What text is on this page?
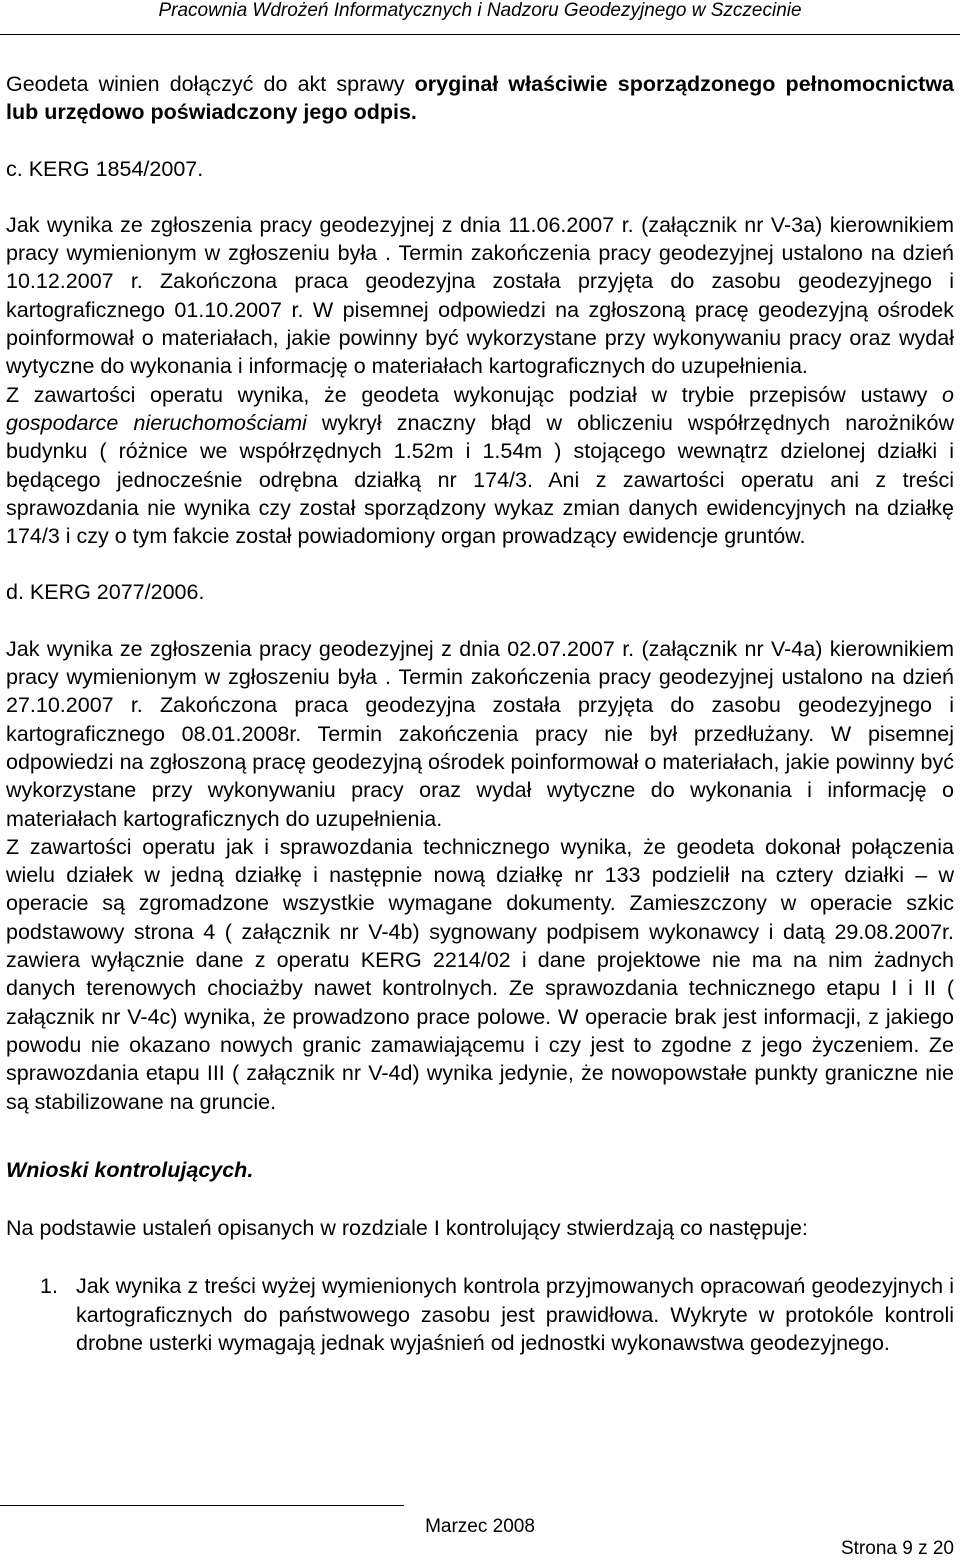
Pracownia Wdrożeń Informatycznych i Nadzoru Geodezyjnego w Szczecinie

Geodeta winien dołączyć do akt sprawy oryginał właściwie sporządzonego pełnomocnictwa lub urzędowo poświadczony jego odpis.

c. KERG 1854/2007.

Jak wynika ze zgłoszenia pracy geodezyjnej z dnia 11.06.2007 r. (załącznik nr V-3a) kierownikiem pracy wymienionym w zgłoszeniu była . Termin zakończenia pracy geodezyjnej ustalono na dzień 10.12.2007 r. Zakończona praca geodezyjna została przyjęta do zasobu geodezyjnego i kartograficznego 01.10.2007 r. W pisemnej odpowiedzi na zgłoszoną pracę geodezyjną ośrodek poinformował o materiałach, jakie powinny być wykorzystane przy wykonywaniu pracy oraz wydał wytyczne do wykonania i informację o materiałach kartograficznych do uzupełnienia.

Z zawartości operatu wynika, że geodeta wykonując podział w trybie przepisów ustawy o gospodarce nieruchomościami wykrył znaczny błąd w obliczeniu współrzędnych narożników budynku ( różnice we współrzędnych 1.52m i 1.54m ) stojącego wewnątrz dzielonej działki i będącego jednocześnie odrębna działką nr 174/3. Ani z zawartości operatu ani z treści sprawozdania nie wynika czy został sporządzony wykaz zmian danych ewidencyjnych na działkę 174/3 i czy o tym fakcie został powiadomiony organ prowadzący ewidencje gruntów.

d. KERG 2077/2006.

Jak wynika ze zgłoszenia pracy geodezyjnej z dnia 02.07.2007 r. (załącznik nr V-4a) kierownikiem pracy wymienionym w zgłoszeniu była . Termin zakończenia pracy geodezyjnej ustalono na dzień 27.10.2007 r. Zakończona praca geodezyjna została przyjęta do zasobu geodezyjnego i kartograficznego 08.01.2008r. Termin zakończenia pracy nie był przedłużany. W pisemnej odpowiedzi na zgłoszoną pracę geodezyjną ośrodek poinformował o materiałach, jakie powinny być wykorzystane przy wykonywaniu pracy oraz wydał wytyczne do wykonania i informację o materiałach kartograficznych do uzupełnienia.

Z zawartości operatu jak i sprawozdania technicznego wynika, że geodeta dokonał połączenia wielu działek w jedną działkę i następnie nową działkę nr 133 podzielił na cztery działki – w operacie są zgromadzone wszystkie wymagane dokumenty. Zamieszczony w operacie szkic podstawowy strona 4 ( załącznik nr V-4b) sygnowany podpisem wykonawcy i datą 29.08.2007r. zawiera wyłącznie dane z operatu KERG 2214/02 i dane projektowe nie ma na nim żadnych danych terenowych chociażby nawet kontrolnych. Ze sprawozdania technicznego etapu I i II ( załącznik nr V-4c) wynika, że prowadzono prace polowe. W operacie brak jest informacji, z jakiego powodu nie okazano nowych granic zamawiającemu i czy jest to zgodne z jego życzeniem. Ze sprawozdania etapu III ( załącznik nr V-4d) wynika jedynie, że nowopowstałe punkty graniczne nie są stabilizowane na gruncie.

Wnioski kontrolujących.

Na podstawie ustaleń opisanych w rozdziale I kontrolujący stwierdzają co następuje:

1. Jak wynika z treści wyżej wymienionych kontrola przyjmowanych opracowań geodezyjnych i kartograficznych do państwowego zasobu jest prawidłowa. Wykryte w protokóle kontroli drobne usterki wymagają jednak wyjaśnień od jednostki wykonawstwa geodezyjnego.
Marzec 2008
Strona 9 z 20
